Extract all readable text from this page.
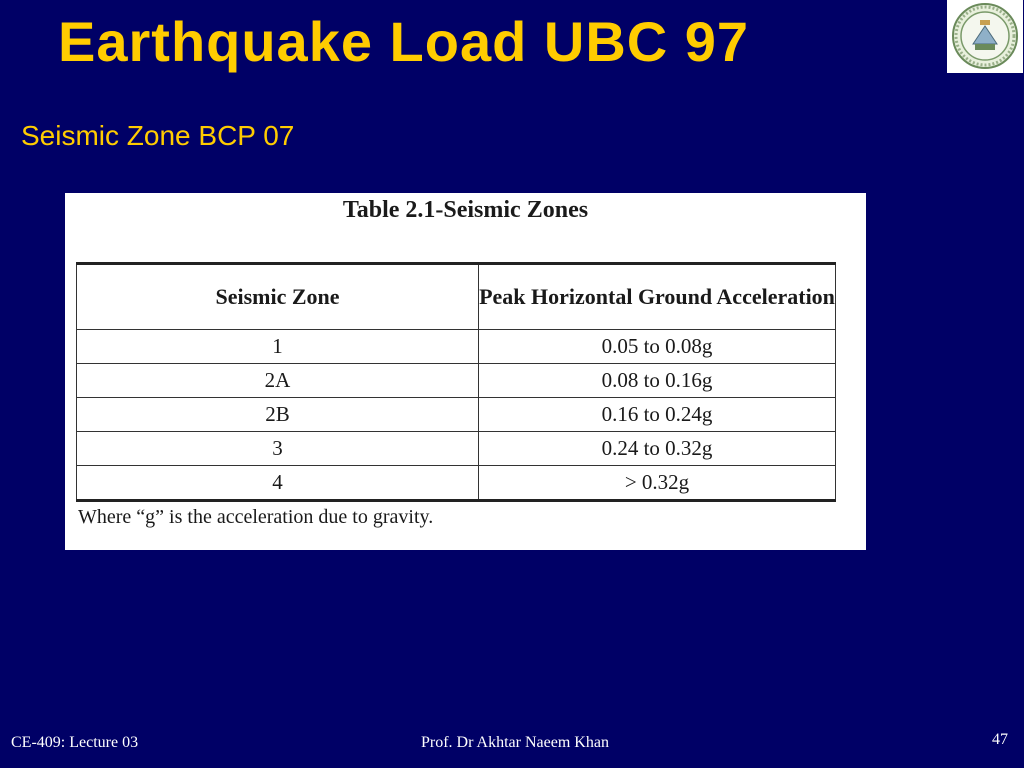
Earthquake Load UBC 97
Seismic Zone BCP 07
Table 2.1-Seismic Zones
Seismic Zone	Peak Horizontal Ground Acceleration
1	0.05 to 0.08g
2A	0.08 to 0.16g
2B	0.16 to 0.24g
3	0.24 to 0.32g
4	> 0.32g
Where “g” is the acceleration due to gravity.
CE-409: Lecture 03	Prof. Dr Akhtar Naeem Khan	47
